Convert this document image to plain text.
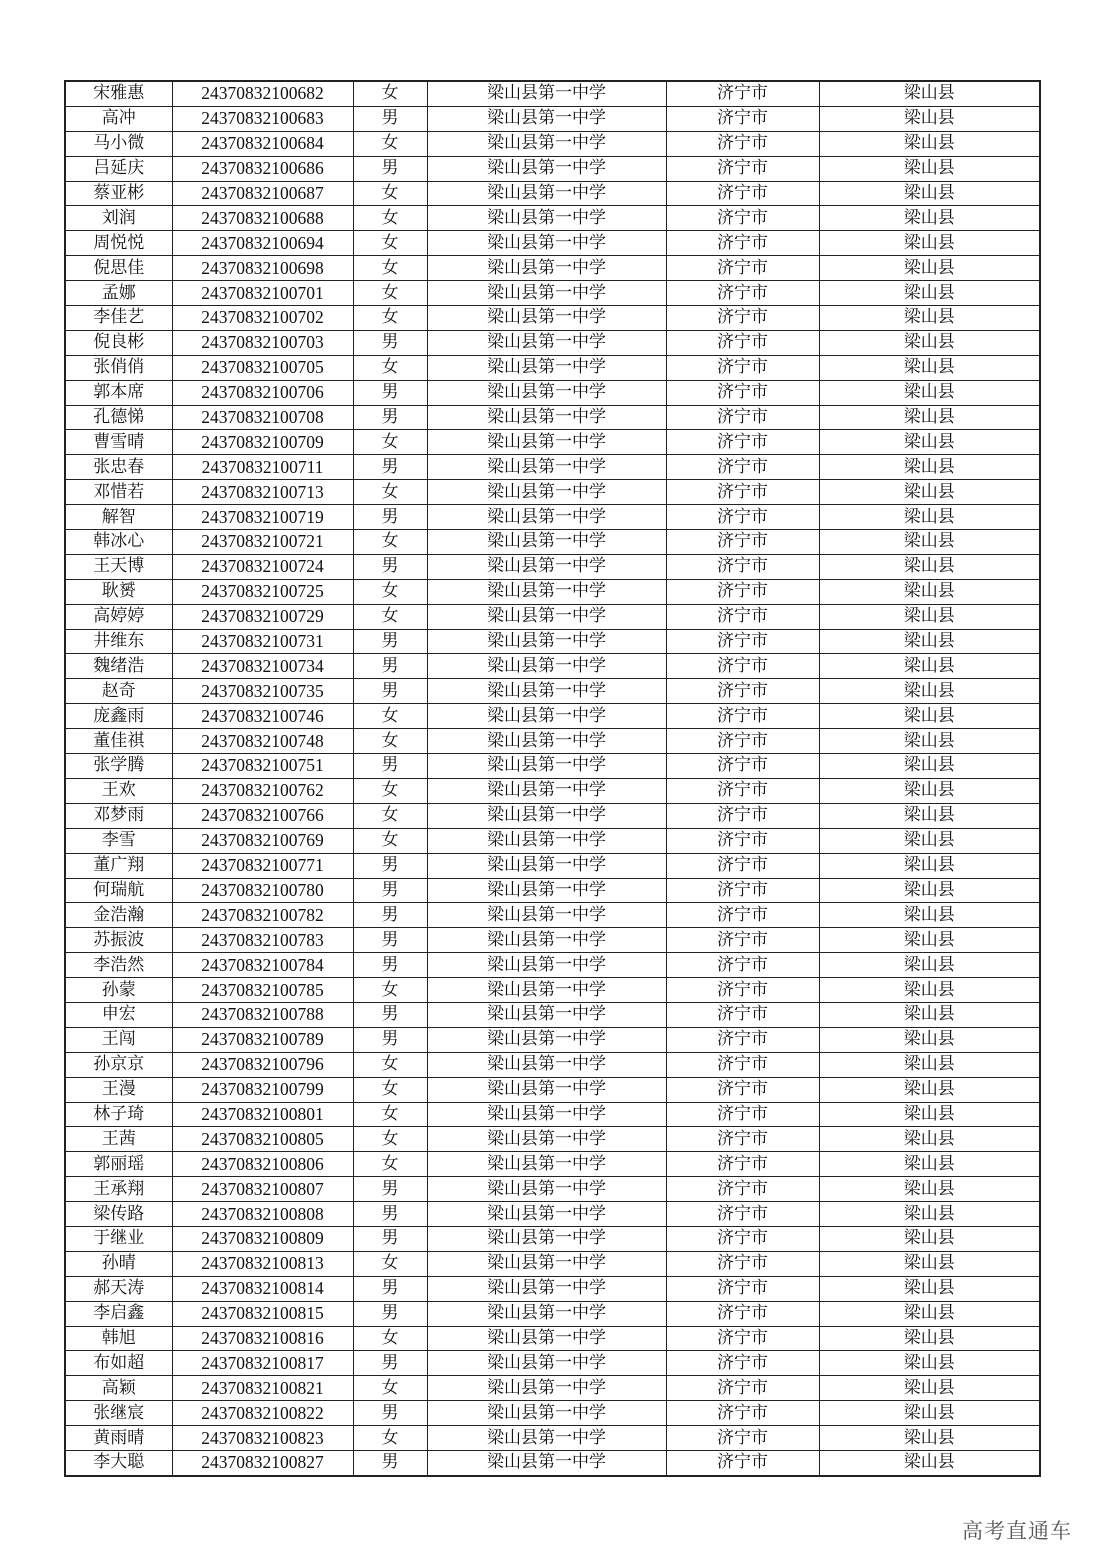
宋雅惠	24370832100682	女	梁山县第一中学	济宁市	梁山县
高冲	24370832100683	男	梁山县第一中学	济宁市	梁山县
马小微	24370832100684	女	梁山县第一中学	济宁市	梁山县
吕延庆	24370832100686	男	梁山县第一中学	济宁市	梁山县
蔡亚彬	24370832100687	女	梁山县第一中学	济宁市	梁山县
刘润	24370832100688	女	梁山县第一中学	济宁市	梁山县
周悦悦	24370832100694	女	梁山县第一中学	济宁市	梁山县
倪思佳	24370832100698	女	梁山县第一中学	济宁市	梁山县
孟娜	24370832100701	女	梁山县第一中学	济宁市	梁山县
李佳艺	24370832100702	女	梁山县第一中学	济宁市	梁山县
倪良彬	24370832100703	男	梁山县第一中学	济宁市	梁山县
张俏俏	24370832100705	女	梁山县第一中学	济宁市	梁山县
郭本席	24370832100706	男	梁山县第一中学	济宁市	梁山县
孔德悌	24370832100708	男	梁山县第一中学	济宁市	梁山县
曹雪晴	24370832100709	女	梁山县第一中学	济宁市	梁山县
张忠春	24370832100711	男	梁山县第一中学	济宁市	梁山县
邓惜若	24370832100713	女	梁山县第一中学	济宁市	梁山县
解智	24370832100719	男	梁山县第一中学	济宁市	梁山县
韩冰心	24370832100721	女	梁山县第一中学	济宁市	梁山县
王天博	24370832100724	男	梁山县第一中学	济宁市	梁山县
耿赟	24370832100725	女	梁山县第一中学	济宁市	梁山县
高婷婷	24370832100729	女	梁山县第一中学	济宁市	梁山县
井维东	24370832100731	男	梁山县第一中学	济宁市	梁山县
魏绪浩	24370832100734	男	梁山县第一中学	济宁市	梁山县
赵奇	24370832100735	男	梁山县第一中学	济宁市	梁山县
庞鑫雨	24370832100746	女	梁山县第一中学	济宁市	梁山县
董佳祺	24370832100748	女	梁山县第一中学	济宁市	梁山县
张学腾	24370832100751	男	梁山县第一中学	济宁市	梁山县
王欢	24370832100762	女	梁山县第一中学	济宁市	梁山县
邓梦雨	24370832100766	女	梁山县第一中学	济宁市	梁山县
李雪	24370832100769	女	梁山县第一中学	济宁市	梁山县
董广翔	24370832100771	男	梁山县第一中学	济宁市	梁山县
何瑞航	24370832100780	男	梁山县第一中学	济宁市	梁山县
金浩瀚	24370832100782	男	梁山县第一中学	济宁市	梁山县
苏振波	24370832100783	男	梁山县第一中学	济宁市	梁山县
李浩然	24370832100784	男	梁山县第一中学	济宁市	梁山县
孙蒙	24370832100785	女	梁山县第一中学	济宁市	梁山县
申宏	24370832100788	男	梁山县第一中学	济宁市	梁山县
王闯	24370832100789	男	梁山县第一中学	济宁市	梁山县
孙京京	24370832100796	女	梁山县第一中学	济宁市	梁山县
王漫	24370832100799	女	梁山县第一中学	济宁市	梁山县
林子琦	24370832100801	女	梁山县第一中学	济宁市	梁山县
王茜	24370832100805	女	梁山县第一中学	济宁市	梁山县
郭丽瑶	24370832100806	女	梁山县第一中学	济宁市	梁山县
王承翔	24370832100807	男	梁山县第一中学	济宁市	梁山县
梁传路	24370832100808	男	梁山县第一中学	济宁市	梁山县
于继业	24370832100809	男	梁山县第一中学	济宁市	梁山县
孙晴	24370832100813	女	梁山县第一中学	济宁市	梁山县
郝天涛	24370832100814	男	梁山县第一中学	济宁市	梁山县
李启鑫	24370832100815	男	梁山县第一中学	济宁市	梁山县
韩旭	24370832100816	女	梁山县第一中学	济宁市	梁山县
布如超	24370832100817	男	梁山县第一中学	济宁市	梁山县
高颖	24370832100821	女	梁山县第一中学	济宁市	梁山县
张继宸	24370832100822	男	梁山县第一中学	济宁市	梁山县
黄雨晴	24370832100823	女	梁山县第一中学	济宁市	梁山县
李大聪	24370832100827	男	梁山县第一中学	济宁市	梁山县
高考直通车
